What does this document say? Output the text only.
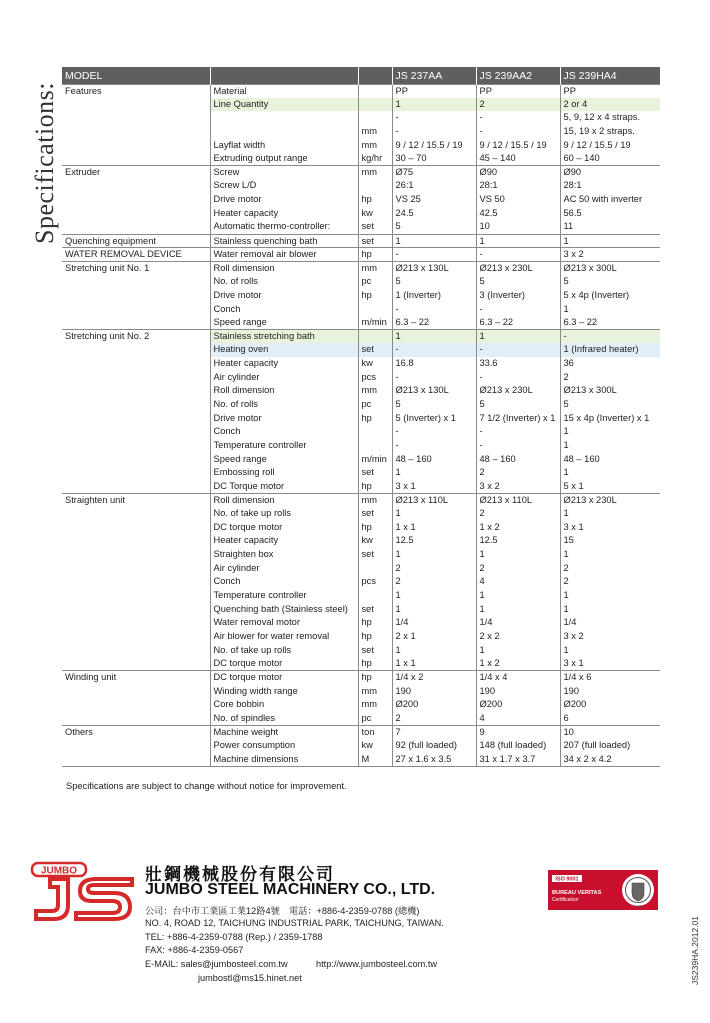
Specifications:
MODEL			JS 237AA	JS 239AA2	JS 239HA4
Features	Material		PP	PP	PP
	Line Quantity		1	2	2 or 4
			-	-	5, 9, 12 x 4 straps.
		mm	-	-	15, 19 x 2 straps.
	Layflat width	mm	9 / 12 / 15.5 / 19	9 / 12 / 15.5 / 19	9 / 12 / 15.5 / 19
	Extruding output range	kg/hr	30 – 70	45 – 140	60 – 140
Extruder	Screw	mm	Ø75	Ø90	Ø90
	Screw L/D		26:1	28:1	28:1
	Drive motor	hp	VS 25	VS 50	AC 50 with inverter
	Heater capacity	kw	24.5	42.5	56.5
	Automatic thermo-controller:	set	5	10	11
Quenching equipment	Stainless quenching bath	set	1	1	1
WATER REMOVAL DEVICE	Water removal air blower	hp	-	-	3 x 2
Stretching unit No. 1	Roll dimension	mm	Ø213 x 130L	Ø213 x 230L	Ø213 x 300L
	No. of rolls	pc	5	5	5
	Drive motor	hp	1 (Inverter)	3 (Inverter)	5 x 4p (Inverter)
	Conch		-	-	1
	Speed range	m/min	6.3 – 22	6.3 – 22	6.3 – 22
Stretching unit No. 2	Stainless stretching bath		1	1	-
	Heating oven	set	-	-	1 (Infrared heater)
	Heater capacity	kw	16.8	33.6	36
	Air cylinder	pcs	-	-	2
	Roll dimension	mm	Ø213 x 130L	Ø213 x 230L	Ø213 x 300L
	No. of rolls	pc	5	5	5
	Drive motor	hp	5 (Inverter) x 1	7 1/2 (Inverter) x 1	15 x 4p (Inverter) x 1
	Conch		-	-	1
	Temperature controller		-	-	1
	Speed range	m/min	48 – 160	48 – 160	48 – 160
	Embossing roll	set	1	2	1
	DC Torque motor	hp	3 x 1	3 x 2	5 x 1
Straighten unit	Roll dimension	mm	Ø213 x 110L	Ø213 x 110L	Ø213 x 230L
	No. of take up rolls	set	1	2	1
	DC torque motor	hp	1 x 1	1 x 2	3 x 1
	Heater capacity	kw	12.5	12.5	15
	Straighten box	set	1	1	1
	Air cylinder		2	2	2
	Conch	pcs	2	4	2
	Temperature controller		1	1	1
	Quenching bath (Stainless steel)	set	1	1	1
	Water removal motor	hp	1/4	1/4	1/4
	Air blower for water removal	hp	2 x 1	2 x 2	3 x 2
	No. of take up rolls	set	1	1	1
	DC torque motor	hp	1 x 1	1 x 2	3 x 1
Winding unit	DC torque motor	hp	1/4 x 2	1/4 x 4	1/4 x 6
	Winding width range	mm	190	190	190
	Core bobbin	mm	Ø200	Ø200	Ø200
	No. of spindles	pc	2	4	6
Others	Machine weight	ton	7	9	10
	Power consumption	kw	92 (full loaded)	148 (full loaded)	207 (full loaded)
	Machine dimensions	M	27 x 1.6 x 3.5	31 x 1.7 x 3.7	34 x 2 x 4.2
Specifications are subject to change without notice for improvement.
JUMBO	壯鋼機械股份有限公司
JUMBO STEEL MACHINERY CO., LTD.
公司：台中市工業區工業12路4號　電話：+886-4-2359-0788 (總機)
NO. 4, ROAD 12, TAICHUNG INDUSTRIAL PARK, TAICHUNG, TAIWAN.
TEL: +886-4-2359-0788 (Rep.) / 2359-1788
FAX: +886-4-2359-0567
E-MAIL: sales@jumbosteel.com.tw	http://www.jumbosteel.com.tw
jumbostl@ms15.hinet.net
ISO 9001
BUREAU VERITAS
Certification
1828
JS239HA.2012.01
